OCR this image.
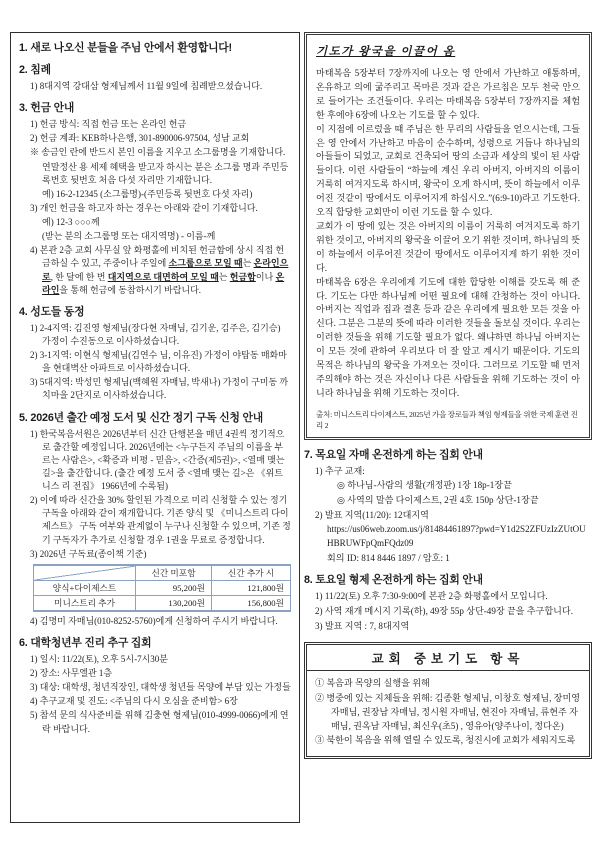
1. 새로 나오신 분들을 주님 안에서 환영합니다!
2. 침례
1) 8대지역 강대삼 형제님께서 11월 9일에 침례받으셨습니다.
3. 헌금 안내
1) 헌금 방식: 직접 헌금 또는 온라인 헌금
2) 헌금 계좌: KEB하나은행, 301-890006-97504, 성남 교회
※ 송금인 란에 반드시 본인 이름을 지우고 소그룹명을 기재합니다.
연말정산 용 세제 혜택을 받고자 하시는 분은 소그룹 명과 주민등록번호 뒷번호 처음 다섯 자리만 기재합니다.
예) 16-2-12345 (소그룹명)-(주민등록 뒷번호 다섯 자리)
3) 개인 헌금을 하고자 하는 경우는 아래와 같이 기재합니다.
예) 12-3 ○○○께
(받는 분의 소그룹명 또는 대지역명) - 이름-께
4) 본관 2층 교회 사무실 앞 화평홀에 비치된 헌금함에 상시 직접 헌금하실 수 있고, 주중이나 주일에 소그룹으로 모일 때는 온라인으로, 한 달에 한 번 대지역으로 대면하여 모일 때는 헌금함이나 온라인을 통해 헌금에 동참하시기 바랍니다.
4. 성도들 동정
1) 2-4지역: 김진영 형제님(장다현 자매님, 김기운, 김주은, 김기승) 가정이 수진동으로 이사하셨습니다.
2) 3-1지역: 이현식 형제님(김연수 님, 이유진) 가정이 야탑동 매화마을 현대벽산 아파트로 이사하셨습니다.
3) 5대지역: 박성민 형제님(백혜원 자매님, 박새나) 가정이 구미동 까치마을 2단지로 이사하셨습니다.
5. 2026년 출간 예정 도서 및 신간 정기 구독 신청 안내
1) 한국복음서원은 2026년부터 신간 단행본을 매년 4권씩 정기적으로 출간할 예정입니다. 2026년에는 <누구든지 주님의 이름을 부르는 사람은>, <확증과 비평 - 믿음>, <간증(제5권)>, <열매 맺는 길>을 출간합니다. (출간 예정 도서 중 <열매 맺는 길>은 《위트니스 리 전집》 1966년에 수록됨)
2) 이에 따라 신간을 30% 할인된 가격으로 미리 신청할 수 있는 정기 구독을 아래와 같이 재개합니다. 기존 양식 및 《미니스트리 다이제스트》 구독 여부와 관계없이 누구나 신청할 수 있으며, 기존 정기 구독자가 추가로 신청할 경우 1권을 무료로 증정합니다.
3) 2026년 구독료(종이책 기준)
	신간 미포함	신간 추가 시
양식+다이제스트	95,200원	121,800원
미니스트리 추가	130,200원	156,800원
4) 김명미 자매님(010-8252-5760)에게 신청하여 주시기 바랍니다.
6. 대학청년부 진리 추구 집회
1) 일시: 11/22(토), 오후 5시-7시30분
2) 장소: 사무엘관 1층
3) 대상: 대학생, 청년직장인, 대학생 청년들 목양에 부담 있는 가정들
4) 추구교재 및 진도: <주님의 다시 오심을 준비함> 6장
5) 참석 문의 식사준비를 위해 김충현 형제님(010-4999-0066)에게 연락 바랍니다.
기도가 왕국을 이끌어 옴

마태복음 5장부터 7장까지에 나오는 영 안에서 가난하고 애통하며, 온유하고 의에 굶주리고 목마른 것과 같은 가르침은 모두 천국 안으로 들어가는 조건들이다. 우리는 마태복음 5장부터 7장까지를 체험한 후에야 6장에 나오는 기도를 할 수 있다.

이 지점에 이르렀을 때 주님은 한 무리의 사람들을 얻으시는데, 그들은 영 안에서 가난하고 마음이 순수하며, 성령으로 거듭나 하나님의 아들들이 되었고, 교회로 건축되어 땅의 소금과 세상의 빛이 된 사람들이다. 이런 사람들이 “하늘에 계신 우리 아버지, 아버지의 이름이 거룩히 여겨지도록 하시며, 왕국이 오게 하시며, 뜻이 하늘에서 이루어진 것같이 땅에서도 이루어지게 하십시오.”(6:9-10)라고 기도한다. 오직 합당한 교회만이 이런 기도를 할 수 있다.

교회가 이 땅에 있는 것은 아버지의 이름이 거룩히 여겨지도록 하기 위한 것이고, 아버지의 왕국을 이끌어 오기 위한 것이며, 하나님의 뜻이 하늘에서 이루어진 것같이 땅에서도 이루어지게 하기 위한 것이다.

마태복음 6장은 우리에게 기도에 대한 합당한 이해를 갖도록 해 준다. 기도는 다만 하나님께 어떤 필요에 대해 간청하는 것이 아니다. 아버지는 직업과 집과 결혼 등과 같은 우리에게 필요한 모든 것을 아신다. 그분은 그분의 뜻에 따라 이러한 것들을 돌보실 것이다. 우리는 이러한 것들을 위해 기도할 필요가 없다. 왜냐하면 하나님 아버지는 이 모든 것에 관하여 우리보다 더 잘 알고 계시기 때문이다. 기도의 목적은 하나님의 왕국을 가져오는 것이다. 그러므로 기도할 때 먼저 주의해야 하는 것은 자신이나 다른 사람들을 위해 기도하는 것이 아니라 하나님을 위해 기도하는 것이다.

출처: 미니스트리 다이제스트, 2025년 가을 장로들과 책임 형제들을 위한 국제 훈련 진리 2
7. 목요일 자매 온전하게 하는 집회 안내
1) 추구 교재:
◎ 하나님-사람의 생활(개정판) 1장 18p-1장끝
◎ 사역의 말씀 다이제스트, 2권 4호 150p 상단-1장끝
2) 발표 지역(11/20): 12대지역
https://us06web.zoom.us/j/81484461897?pwd=Y1d2S2ZFUzIzZUtOUHBRUWFpQmFQdz09
회의 ID: 814 8446 1897 / 암호: 1
8. 토요일 형제 온전하게 하는 집회 안내
1) 11/22(토) 오후 7:30-9:00에 본관 2층 화평홀에서 모입니다.
2) 사역 재개 메시지 기록(하), 49장 55p 상단-49장 끝을 추구합니다.
3) 발표 지역 : 7, 8대지역
교회 중보기도 항목
① 복음과 목양의 실행을 위해
② 병중에 있는 지체들을 위해: 김종환 형제님, 이창호 형제님, 장미영 자매님, 권장남 자매님, 정시원 자매님, 현진아 자매님, 류현주 자매님, 권옥남 자매님, 최신우(초5) , 영유아(양주나이, 정다온)
③ 북한이 복음을 위해 열릴 수 있도록, 청진시에 교회가 세워지도록
